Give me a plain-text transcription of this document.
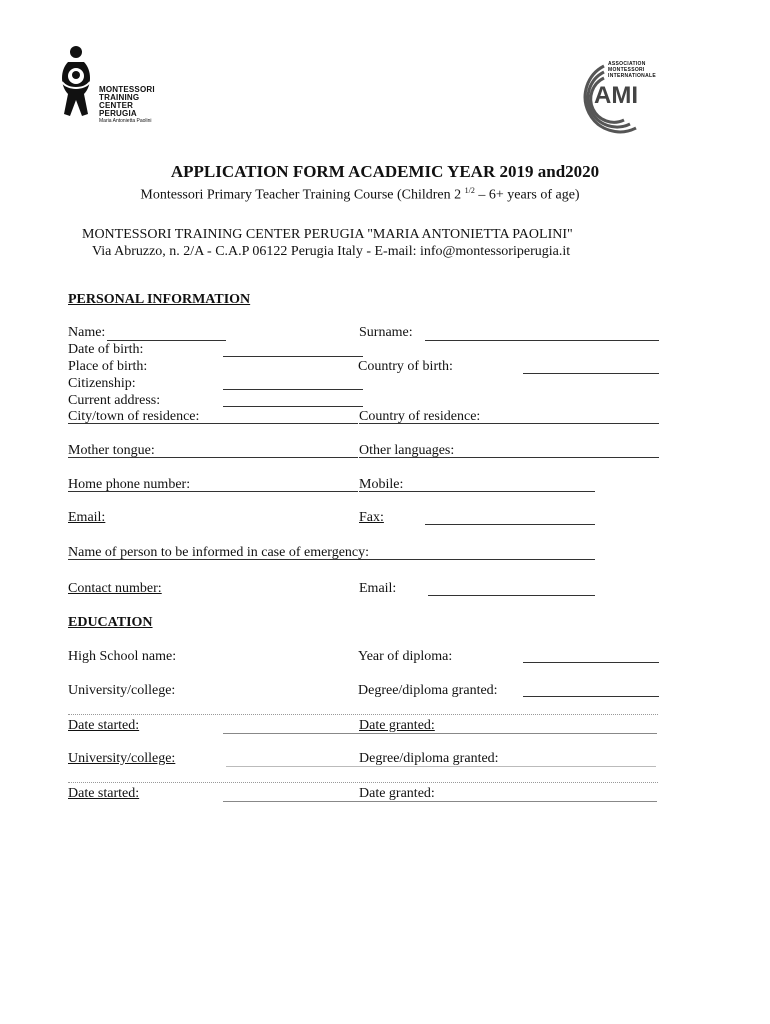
MONTESSORI
TRAINING
CENTER
PERUGIA
Maria Antonietta Paolini
ASSOCIATION
MONTESSORI
INTERNATIONALE
AMI
APPLICATION FORM ACADEMIC YEAR 2019 and2020
Montessori Primary Teacher Training Course (Children 2 $^{1/2}$ – 6+ years of age)
MONTESSORI TRAINING CENTER PERUGIA "MARIA ANTONIETTA PAOLINI"
Via Abruzzo, n. 2/A - C.A.P 06122 Perugia Italy - E-mail: info@montessoriperugia.it
PERSONAL INFORMATION
Name:	Surname:
Date of birth:
Place of birth:	Country of birth:
Citizenship:
Current address:
City/town of residence:	Country of residence:
Mother tongue:	Other languages:
Home phone number:	Mobile:
Email:	Fax:
Name of person to be informed in case of emergency:
Contact number:	Email:
EDUCATION
High School name:	Year of diploma:
University/college:	Degree/diploma granted:
Date started:	Date granted:
University/college:	Degree/diploma granted:
Date started:	Date granted:
